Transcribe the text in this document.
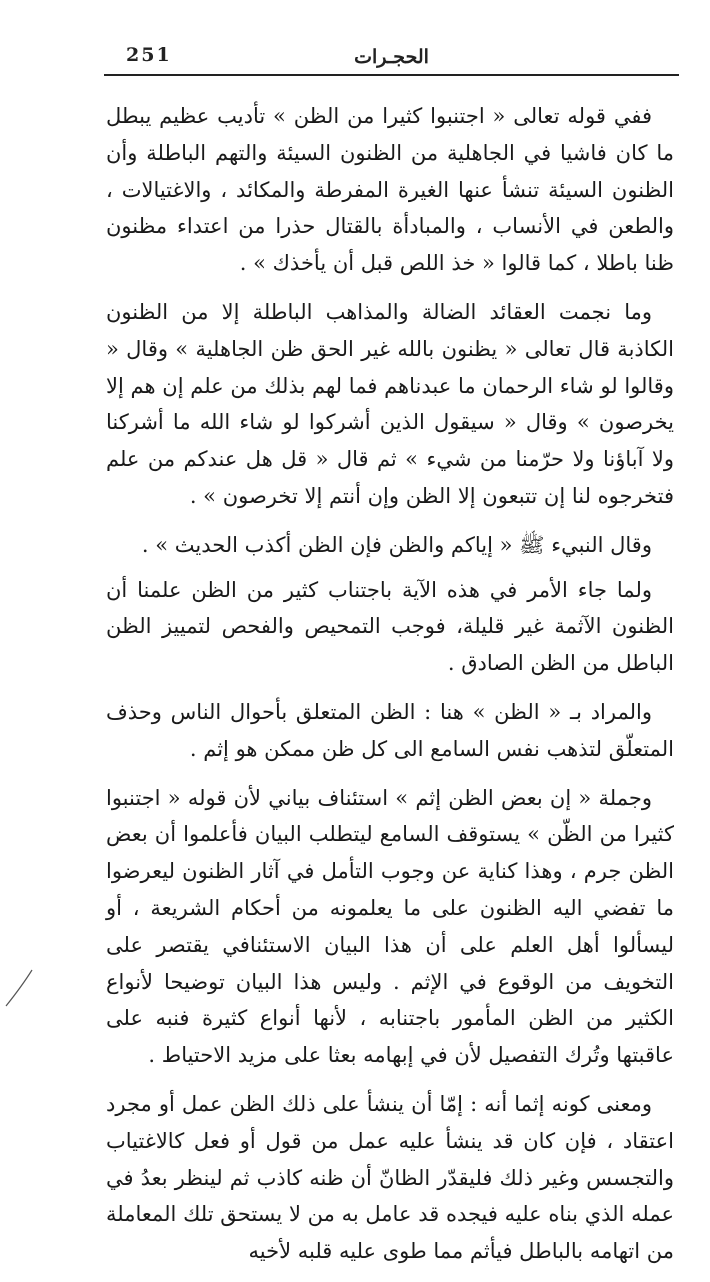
251	الحجـرات

ففي قوله تعالى « اجتنبوا كثيرا من الظن » تأديب عظيم يبطل ما كان فاشيا في الجاهلية من الظنون السيئة والتهم الباطلة وأن الظنون السيئة تنشأ عنها الغيرة المفرطة والمكائد ، والاغتيالات ، والطعن في الأنساب ، والمبادأة بالقتال حذرا من اعتداء مظنون ظنا باطلا ، كما قالوا « خذ اللص قبل أن يأخذك » .

وما نجمت العقائد الضالة والمذاهب الباطلة إلا من الظنون الكاذبة قال تعالى « يظنون بالله غير الحق ظن الجاهلية » وقال « وقالوا لو شاء الرحمان ما عبدناهم فما لهم بذلك من علم إن هم إلا يخرصون » وقال « سيقول الذين أشركوا لو شاء الله ما أشركنا ولا آباؤنا ولا حرّمنا من شيء » ثم قال « قل هل عندكم من علم فتخرجوه لنا إن تتبعون إلا الظن وإن أنتم إلا تخرصون » .

وقال النبيء ﷺ « إياكم والظن فإن الظن أكذب الحديث » .

ولما جاء الأمر في هذه الآية باجتناب كثير من الظن علمنا أن الظنون الآثمة غير قليلة، فوجب التمحيص والفحص لتمييز الظن الباطل من الظن الصادق .

والمراد بـ « الظن » هنا : الظن المتعلق بأحوال الناس وحذف المتعلّق لتذهب نفس السامع الى كل ظن ممكن هو إثم .

وجملة « إن بعض الظن إثم » استئناف بياني لأن قوله « اجتنبوا كثيرا من الظّن » يستوقف السامع ليتطلب البيان فأعلموا أن بعض الظن جرم ، وهذا كناية عن وجوب التأمل في آثار الظنون ليعرضوا ما تفضي اليه الظنون على ما يعلمونه من أحكام الشريعة ، أو ليسألوا أهل العلم على أن هذا البيان الاستئنافي يقتصر على التخويف من الوقوع في الإثم . وليس هذا البيان توضيحا لأنواع الكثير من الظن المأمور باجتنابه ، لأنها أنواع كثيرة فنبه على عاقبتها وتُرك التفصيل لأن في إبهامه بعثا على مزيد الاحتياط .

ومعنى كونه إثما أنه : إمّا أن ينشأ على ذلك الظن عمل أو مجرد اعتقاد ، فإن كان قد ينشأ عليه عمل من قول أو فعل كالاغتياب والتجسس وغير ذلك فليقدّر الظانّ أن ظنه كاذب ثم لينظر بعدُ في عمله الذي بناه عليه فيجده قد عامل به من لا يستحق تلك المعاملة من اتهامه بالباطل فيأثم مما طوى عليه قلبه لأخيه
